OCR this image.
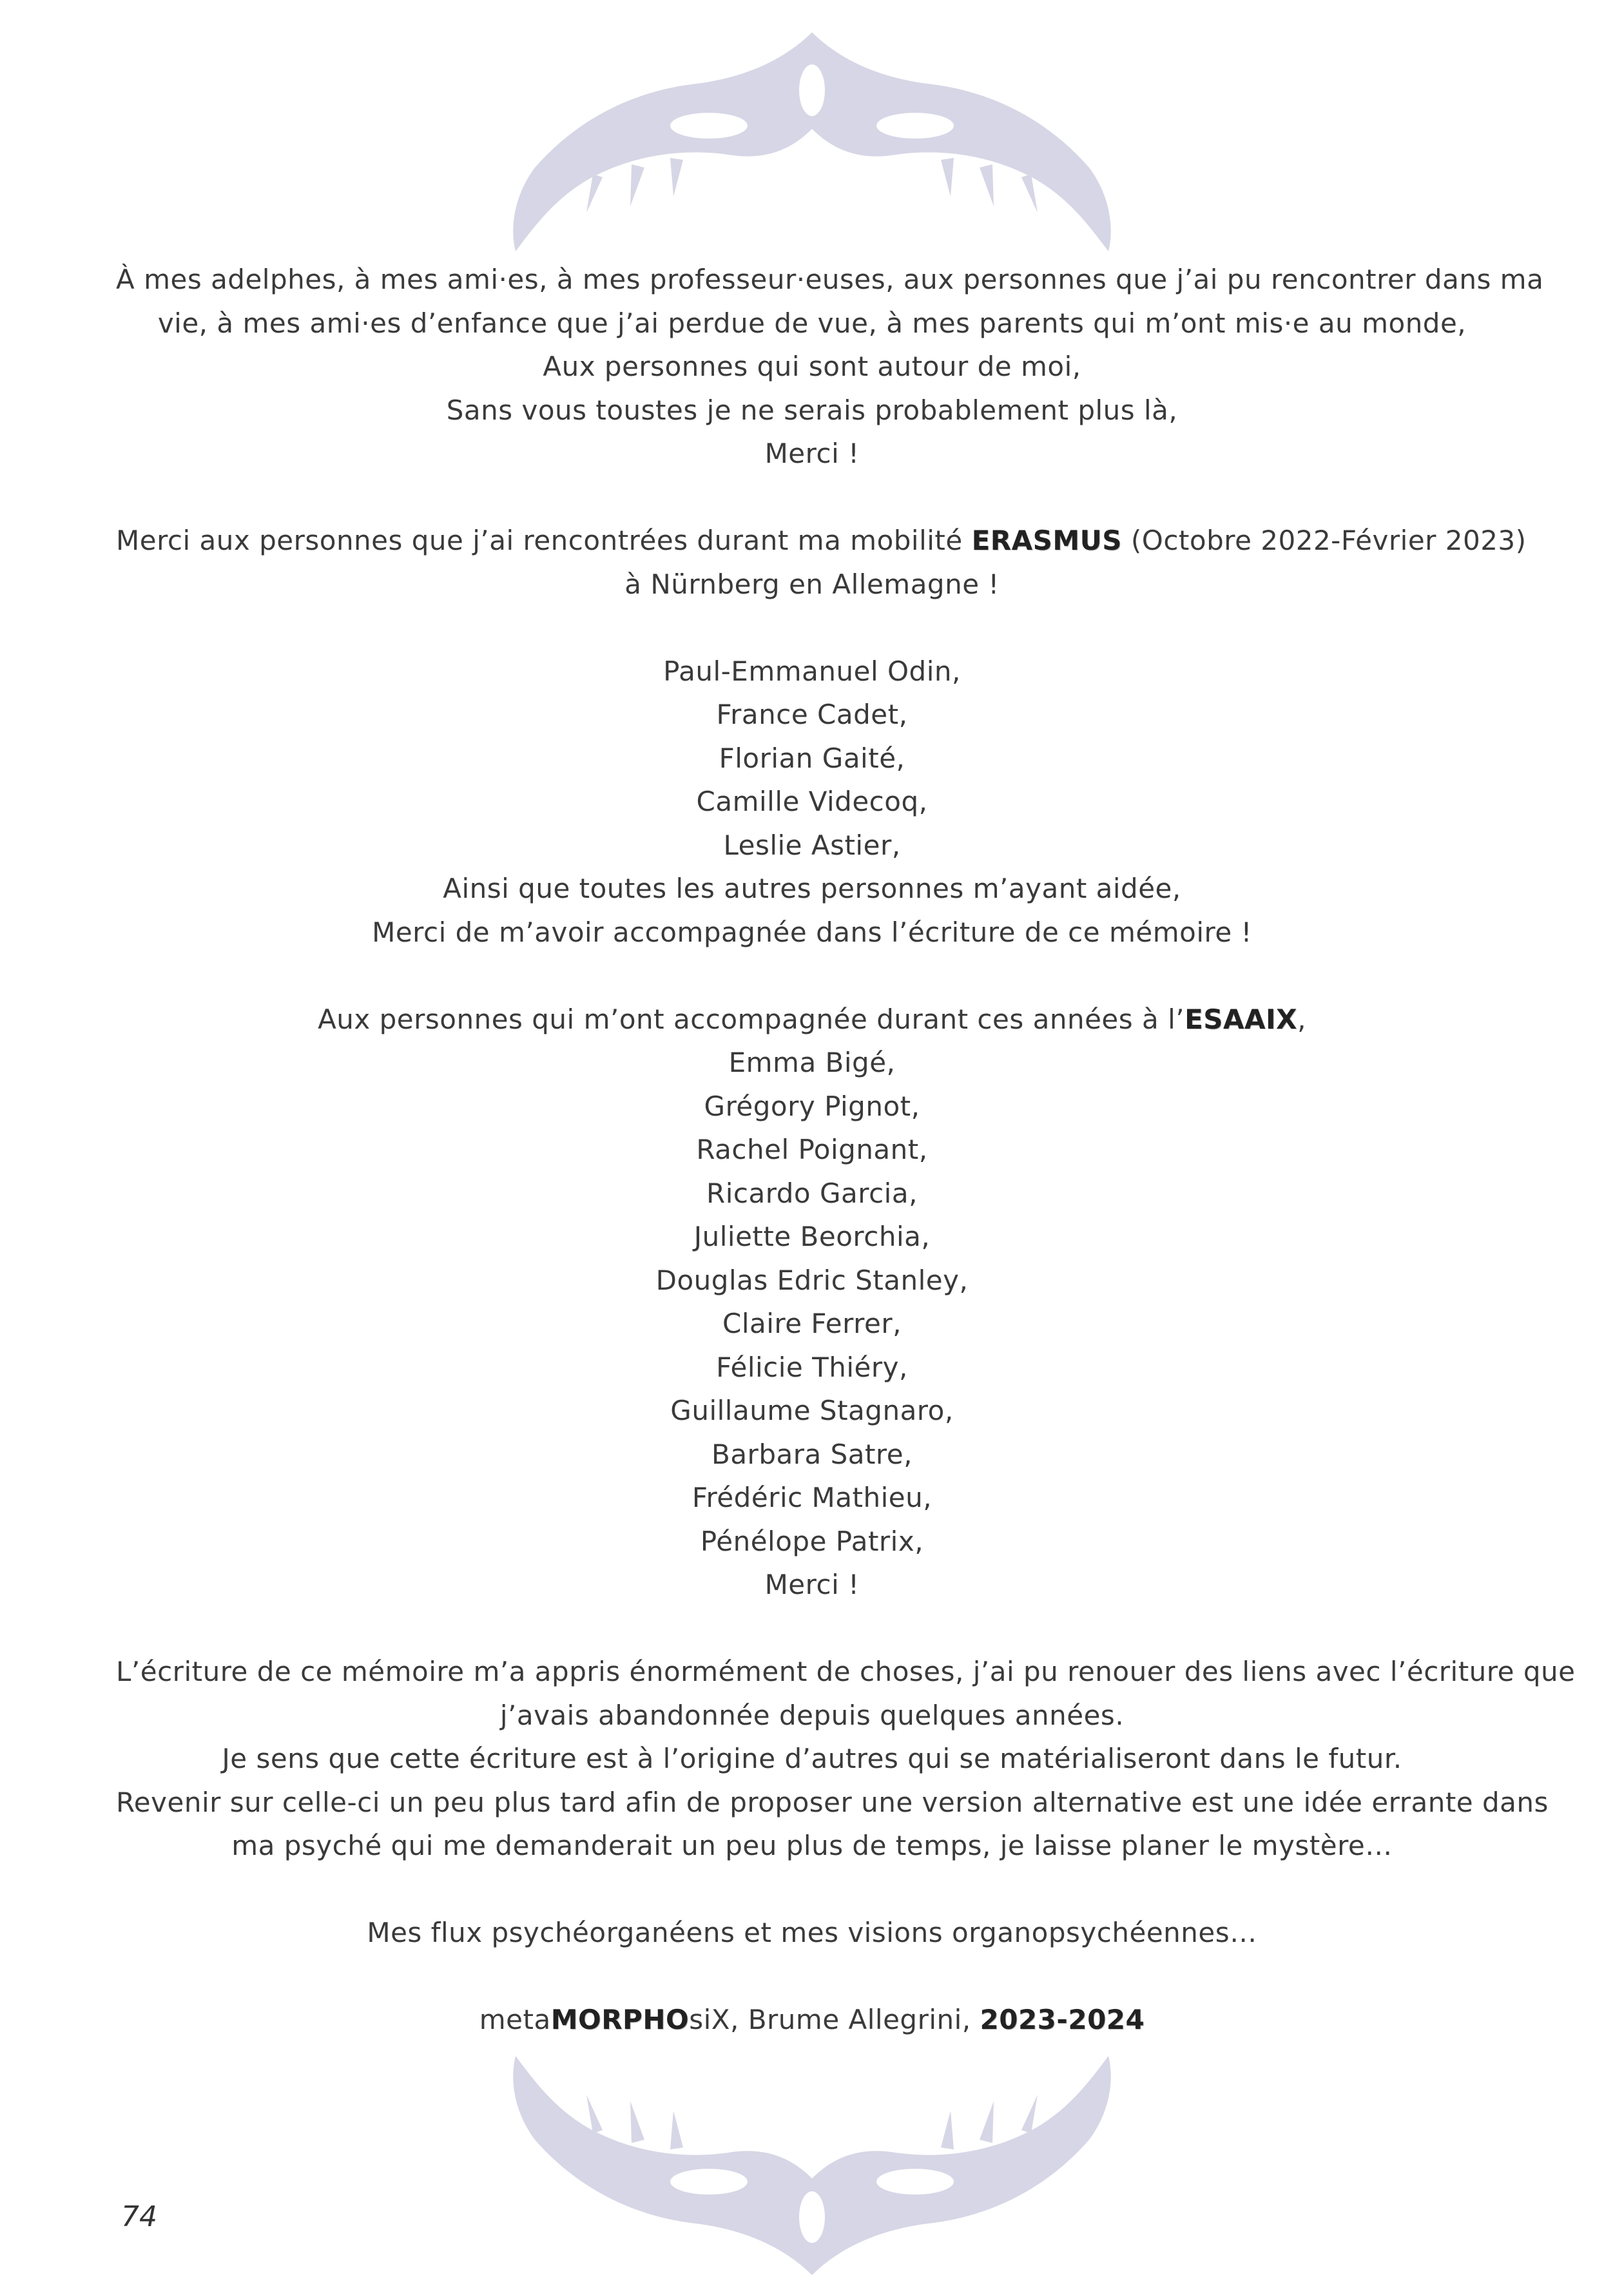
À mes adelphes, à mes ami·es, à mes professeur·euses, aux personnes que j’ai pu rencontrer dans ma
vie, à mes ami·es d’enfance que j’ai perdue de vue, à mes parents qui m’ont mis·e au monde,
Aux personnes qui sont autour de moi,
Sans vous toustes je ne serais probablement plus là,
Merci !
Merci aux personnes que j’ai rencontrées durant ma mobilité ERASMUS (Octobre 2022-Février 2023)
à Nürnberg en Allemagne !
Paul-Emmanuel Odin,
France Cadet,
Florian Gaité,
Camille Videcoq,
Leslie Astier,
Ainsi que toutes les autres personnes m’ayant aidée,
Merci de m’avoir accompagnée dans l’écriture de ce mémoire !
Aux personnes qui m’ont accompagnée durant ces années à l’ESAAIX,
Emma Bigé,
Grégory Pignot,
Rachel Poignant,
Ricardo Garcia,
Juliette Beorchia,
Douglas Edric Stanley,
Claire Ferrer,
Félicie Thiéry,
Guillaume Stagnaro,
Barbara Satre,
Frédéric Mathieu,
Pénélope Patrix,
Merci !
L’écriture de ce mémoire m’a appris énormément de choses, j’ai pu renouer des liens avec l’écriture que
j’avais abandonnée depuis quelques années.
Je sens que cette écriture est à l’origine d’autres qui se matérialiseront dans le futur.
Revenir sur celle-ci un peu plus tard afin de proposer une version alternative est une idée errante dans
ma psyché qui me demanderait un peu plus de temps, je laisse planer le mystère…
Mes flux psychéorganéens et mes visions organopsychéennes…
metaMORPHOsiX, Brume Allegrini, 2023-2024
74
